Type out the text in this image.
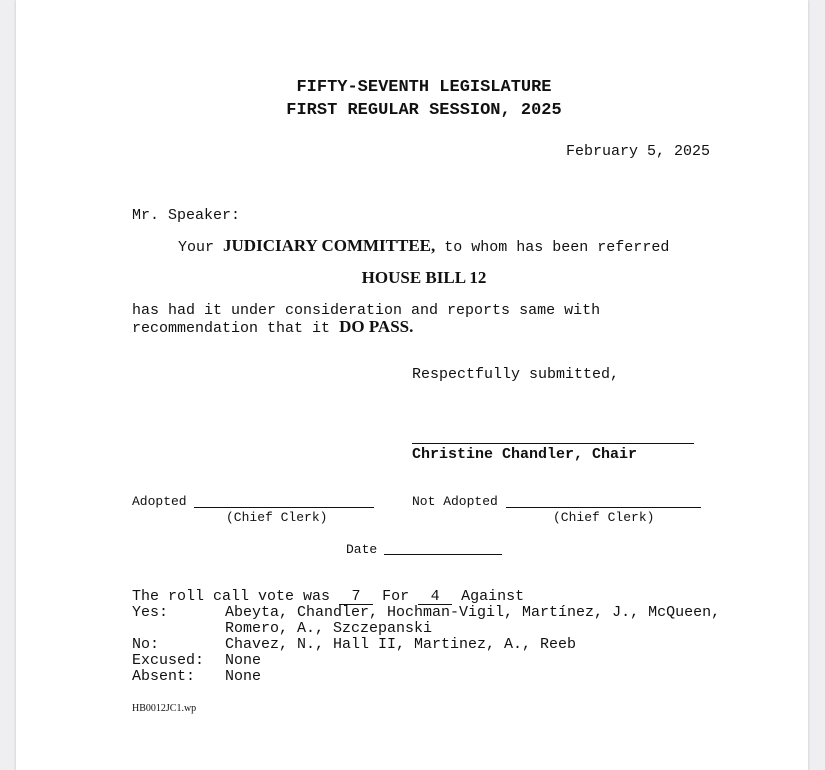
FIFTY-SEVENTH LEGISLATURE
FIRST REGULAR SESSION, 2025
February 5, 2025
Mr. Speaker:
Your JUDICIARY COMMITTEE, to whom has been referred
HOUSE BILL 12
has had it under consideration and reports same with
recommendation that it DO PASS.
Respectfully submitted,
Christine Chandler, Chair
Adopted
(Chief Clerk)
Not Adopted
(Chief Clerk)
Date
The roll call vote was 7 For 4 Against
Yes:	Abeyta, Chandler, Hochman-Vigil, Martínez, J., McQueen,
Romero, A., Szczepanski
No:	Chavez, N., Hall II, Martinez, A., Reeb
Excused: None
Absent: None
HB0012JC1.wp
